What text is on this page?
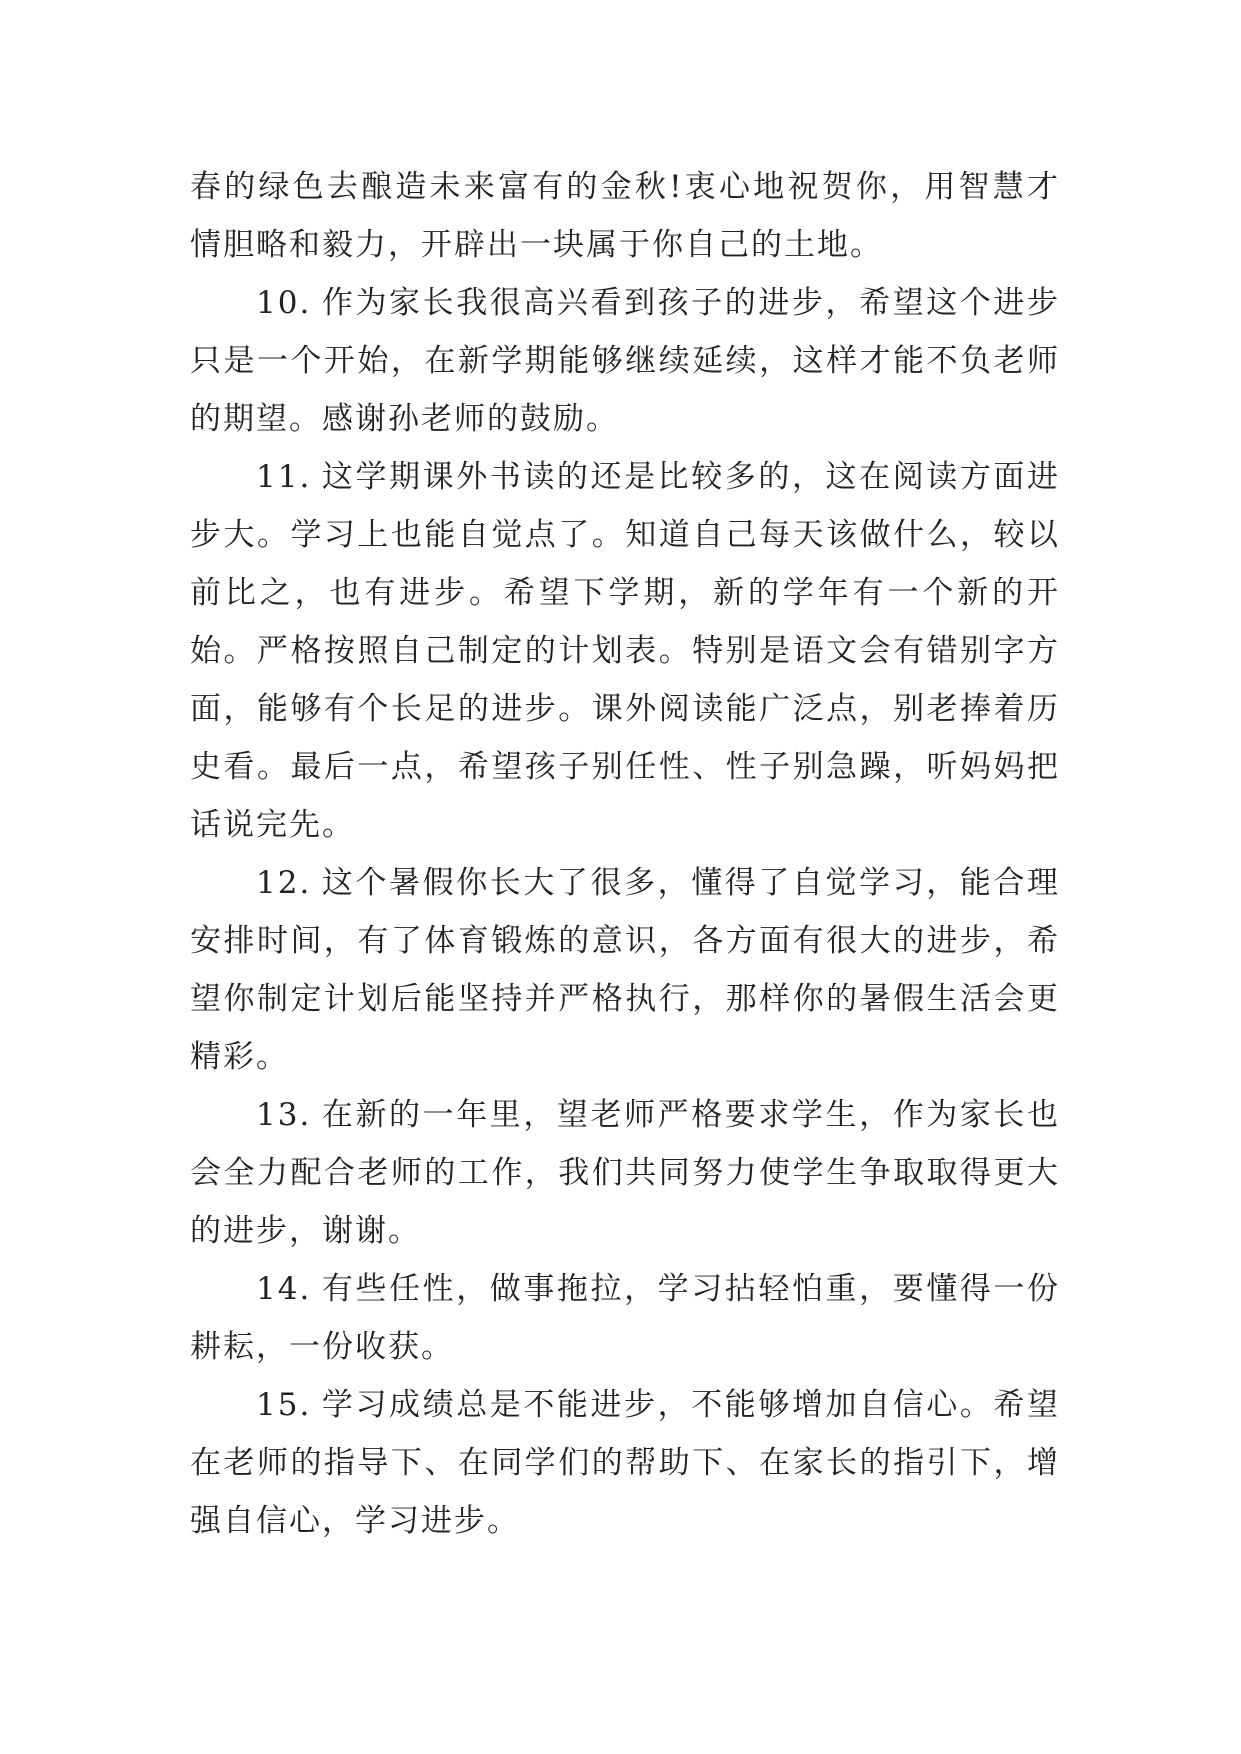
春的绿色去酿造未来富有的金秋!衷心地祝贺你，用智慧才情胆略和毅力，开辟出一块属于你自己的土地。

10. 作为家长我很高兴看到孩子的进步，希望这个进步只是一个开始，在新学期能够继续延续，这样才能不负老师的期望。感谢孙老师的鼓励。

11. 这学期课外书读的还是比较多的，这在阅读方面进步大。学习上也能自觉点了。知道自己每天该做什么，较以前比之，也有进步。希望下学期，新的学年有一个新的开始。严格按照自己制定的计划表。特别是语文会有错别字方面，能够有个长足的进步。课外阅读能广泛点，别老捧着历史看。最后一点，希望孩子别任性、性子别急躁，听妈妈把话说完先。

12. 这个暑假你长大了很多，懂得了自觉学习，能合理安排时间，有了体育锻炼的意识，各方面有很大的进步，希望你制定计划后能坚持并严格执行，那样你的暑假生活会更精彩。

13. 在新的一年里，望老师严格要求学生，作为家长也会全力配合老师的工作，我们共同努力使学生争取取得更大的进步，谢谢。

14. 有些任性，做事拖拉，学习拈轻怕重，要懂得一份耕耘，一份收获。

15. 学习成绩总是不能进步，不能够增加自信心。希望在老师的指导下、在同学们的帮助下、在家长的指引下，增强自信心，学习进步。
